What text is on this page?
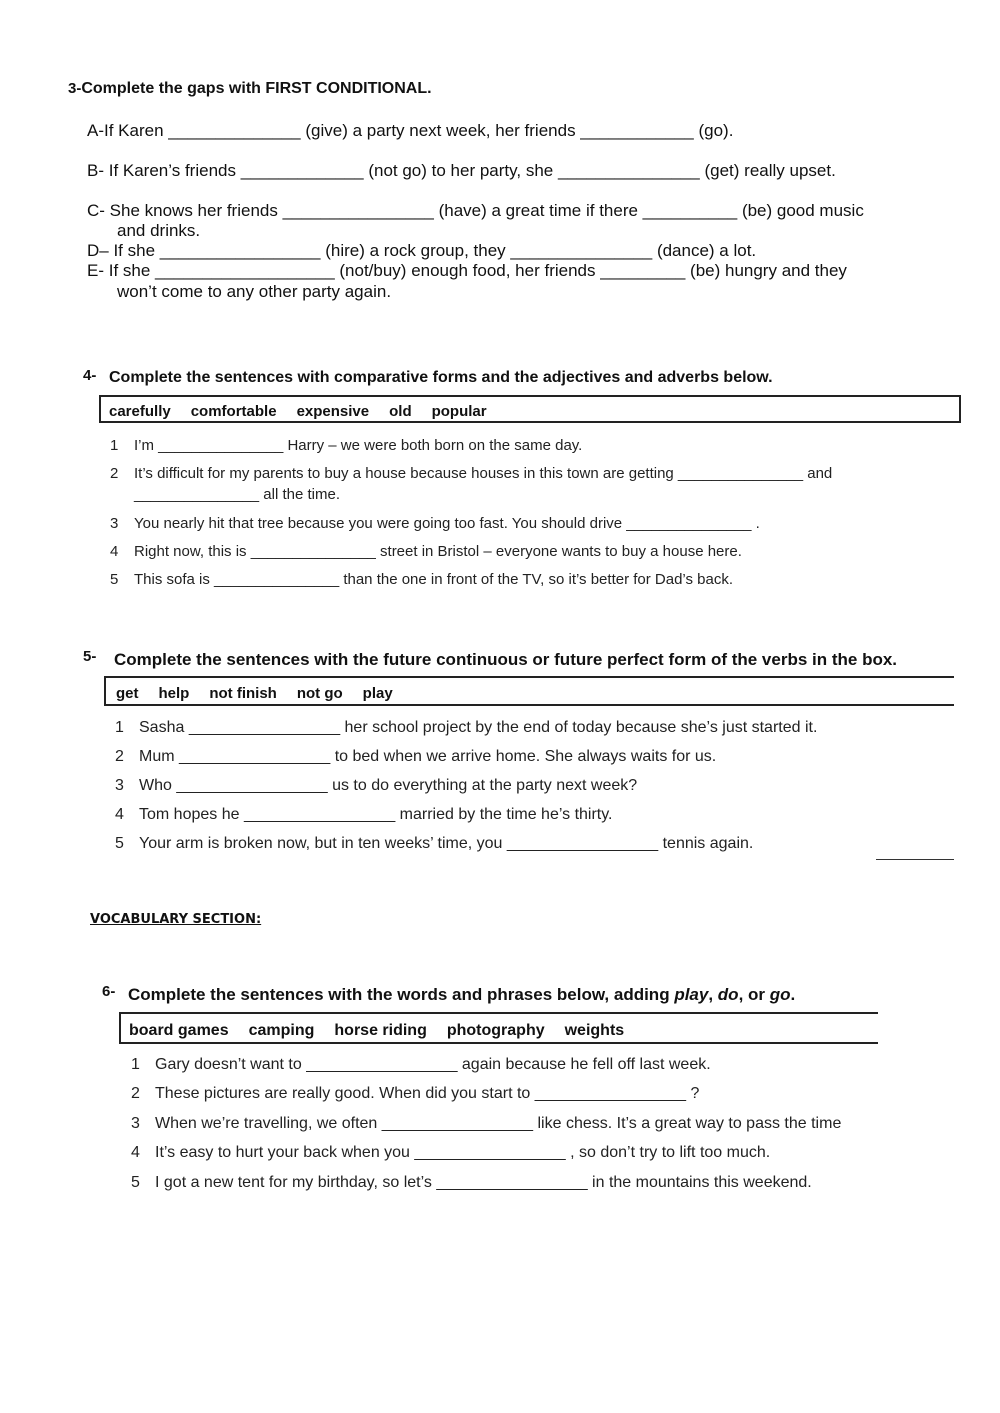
3-Complete the gaps with FIRST CONDITIONAL.
A-If Karen ______________ (give) a party next week, her friends ____________ (go).
B- If Karen’s friends _____________ (not go) to her party, she _______________ (get) really upset.
C- She knows her friends ________________ (have) a great time if there __________ (be) good music
and drinks.
D– If she _________________ (hire) a rock group, they _______________ (dance) a lot.
E- If she ___________________ (not/buy) enough food, her friends _________ (be) hungry and they
won’t come to any other party again.
4- Complete the sentences with comparative forms and the adjectives and adverbs below.
carefully comfortable expensive old popular
1 I’m _______________ Harry – we were both born on the same day.
2 It’s difficult for my parents to buy a house because houses in this town are getting _______________ and
_______________ all the time.
3 You nearly hit that tree because you were going too fast. You should drive _______________ .
4 Right now, this is _______________ street in Bristol – everyone wants to buy a house here.
5 This sofa is _______________ than the one in front of the TV, so it’s better for Dad’s back.
5- Complete the sentences with the future continuous or future perfect form of the verbs in the box.
get help not finish not go play
1 Sasha _________________ her school project by the end of today because she’s just started it.
2 Mum _________________ to bed when we arrive home. She always waits for us.
3 Who _________________ us to do everything at the party next week?
4 Tom hopes he _________________ married by the time he’s thirty.
5 Your arm is broken now, but in ten weeks’ time, you _________________ tennis again.
VOCABULARY SECTION:
6- Complete the sentences with the words and phrases below, adding play, do, or go.
board games camping horse riding photography weights
1 Gary doesn’t want to _________________ again because he fell off last week.
2 These pictures are really good. When did you start to _________________ ?
3 When we’re travelling, we often _________________ like chess. It’s a great way to pass the time
4 It’s easy to hurt your back when you _________________ , so don’t try to lift too much.
5 I got a new tent for my birthday, so let’s _________________ in the mountains this weekend.
